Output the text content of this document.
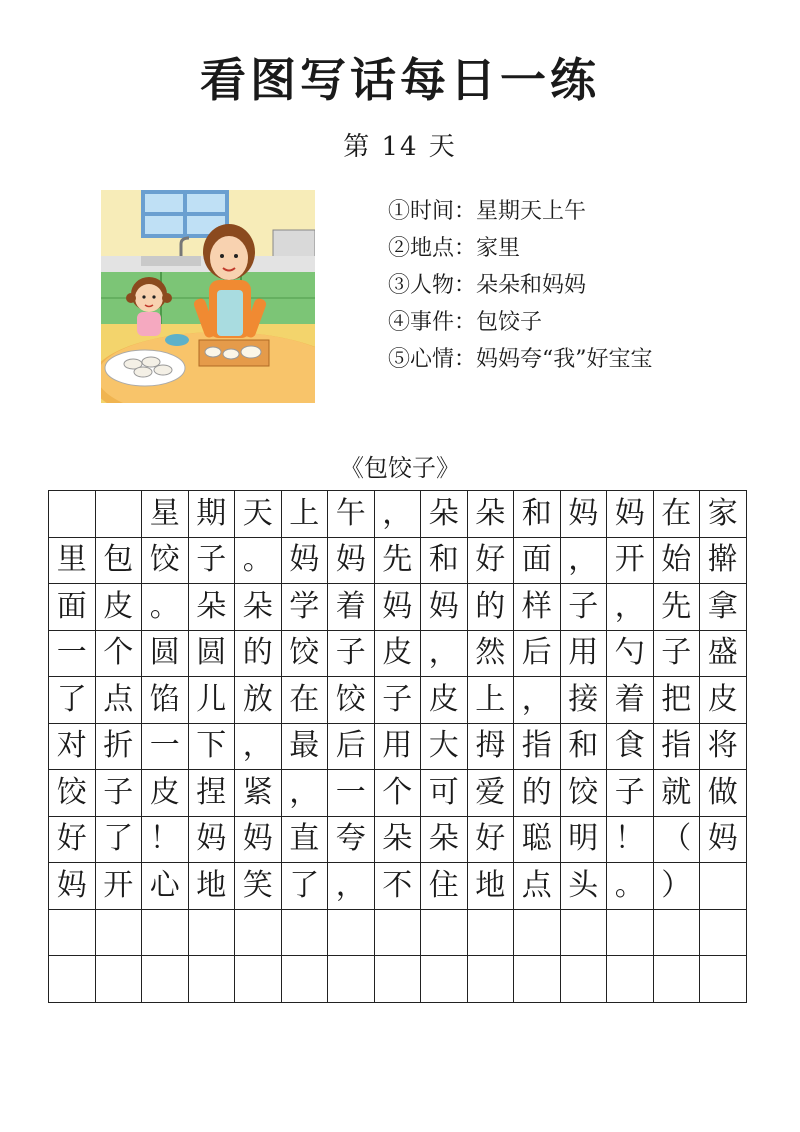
看图写话每日一练
第 14 天
①时间：星期天上午
②地点：家里
③人物：朵朵和妈妈
④事件：包饺子
⑤心情：妈妈夸“我”好宝宝
《包饺子》
星 期 天 上 午 ， 朵 朵 和 妈 妈 在 家
里 包 饺 子 。 妈 妈 先 和 好 面 ， 开 始 擀
面 皮 。 朵 朵 学 着 妈 妈 的 样 子 ， 先 拿
一 个 圆 圆 的 饺 子 皮 ， 然 后 用 勺 子 盛
了 点 馅 儿 放 在 饺 子 皮 上 ， 接 着 把 皮
对 折 一 下 ， 最 后 用 大 拇 指 和 食 指 将
饺 子 皮 捏 紧 ， 一 个 可 爱 的 饺 子 就 做
好 了 ！ 妈 妈 直 夸 朵 朵 好 聪 明 ！ （ 妈
妈 开 心 地 笑 了 ， 不 住 地 点 头 。 ）
